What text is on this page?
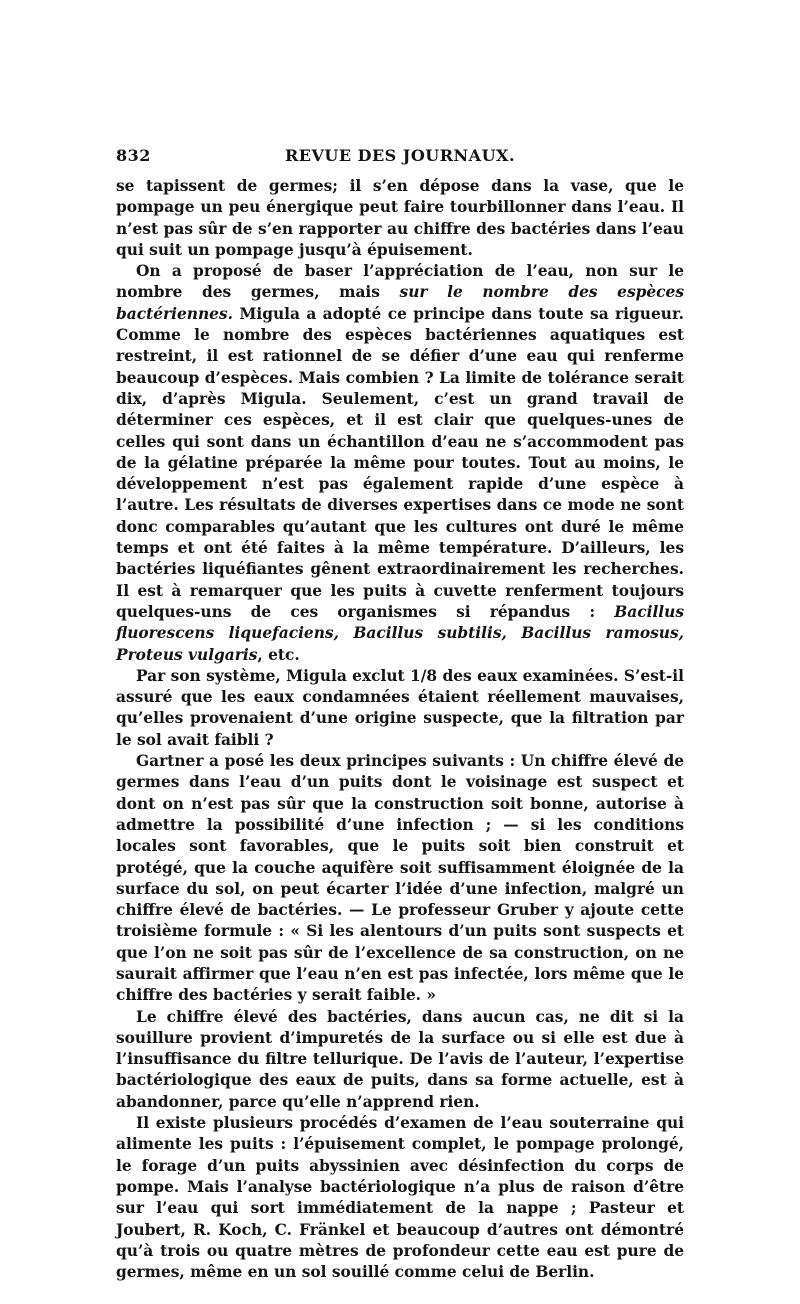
832	REVUE DES JOURNAUX.

se tapissent de germes; il s’en dépose dans la vase, que le pompage un peu énergique peut faire tourbillonner dans l’eau. Il n’est pas sûr de s’en rapporter au chiffre des bactéries dans l’eau qui suit un pompage jusqu’à épuisement.

On a proposé de baser l’appréciation de l’eau, non sur le nombre des germes, mais sur le nombre des espèces bactériennes. Migula a adopté ce principe dans toute sa rigueur. Comme le nombre des espèces bactériennes aquatiques est restreint, il est rationnel de se défier d’une eau qui renferme beaucoup d’espèces. Mais combien ? La limite de tolérance serait dix, d’après Migula. Seulement, c’est un grand travail de déterminer ces espèces, et il est clair que quelques-unes de celles qui sont dans un échantillon d’eau ne s’accommodent pas de la gélatine préparée la même pour toutes. Tout au moins, le développement n’est pas également rapide d’une espèce à l’autre. Les résultats de diverses expertises dans ce mode ne sont donc comparables qu’autant que les cultures ont duré le même temps et ont été faites à la même température. D’ailleurs, les bactéries liquéfiantes gênent extraordinairement les recherches. Il est à remarquer que les puits à cuvette renferment toujours quelques-uns de ces organismes si répandus : Bacillus fluorescens liquefaciens, Bacillus subtilis, Bacillus ramosus, Proteus vulgaris, etc.

Par son système, Migula exclut 1/8 des eaux examinées. S’est-il assuré que les eaux condamnées étaient réellement mauvaises, qu’elles provenaient d’une origine suspecte, que la filtration par le sol avait faibli ?

Gartner a posé les deux principes suivants : Un chiffre élevé de germes dans l’eau d’un puits dont le voisinage est suspect et dont on n’est pas sûr que la construction soit bonne, autorise à admettre la possibilité d’une infection ; — si les conditions locales sont favorables, que le puits soit bien construit et protégé, que la couche aquifère soit suffisamment éloignée de la surface du sol, on peut écarter l’idée d’une infection, malgré un chiffre élevé de bactéries. — Le professeur Gruber y ajoute cette troisième formule : « Si les alentours d’un puits sont suspects et que l’on ne soit pas sûr de l’excellence de sa construction, on ne saurait affirmer que l’eau n’en est pas infectée, lors même que le chiffre des bactéries y serait faible. »

Le chiffre élevé des bactéries, dans aucun cas, ne dit si la souillure provient d’impuretés de la surface ou si elle est due à l’insuffisance du filtre tellurique. De l’avis de l’auteur, l’expertise bactériologique des eaux de puits, dans sa forme actuelle, est à abandonner, parce qu’elle n’apprend rien.

Il existe plusieurs procédés d’examen de l’eau souterraine qui alimente les puits : l’épuisement complet, le pompage prolongé, le forage d’un puits abyssinien avec désinfection du corps de pompe. Mais l’analyse bactériologique n’a plus de raison d’être sur l’eau qui sort immédiatement de la nappe ; Pasteur et Joubert, R. Koch, C. Fränkel et beaucoup d’autres ont démontré qu’à trois ou quatre mètres de profondeur cette eau est pure de germes, même en un sol souillé comme celui de Berlin.
